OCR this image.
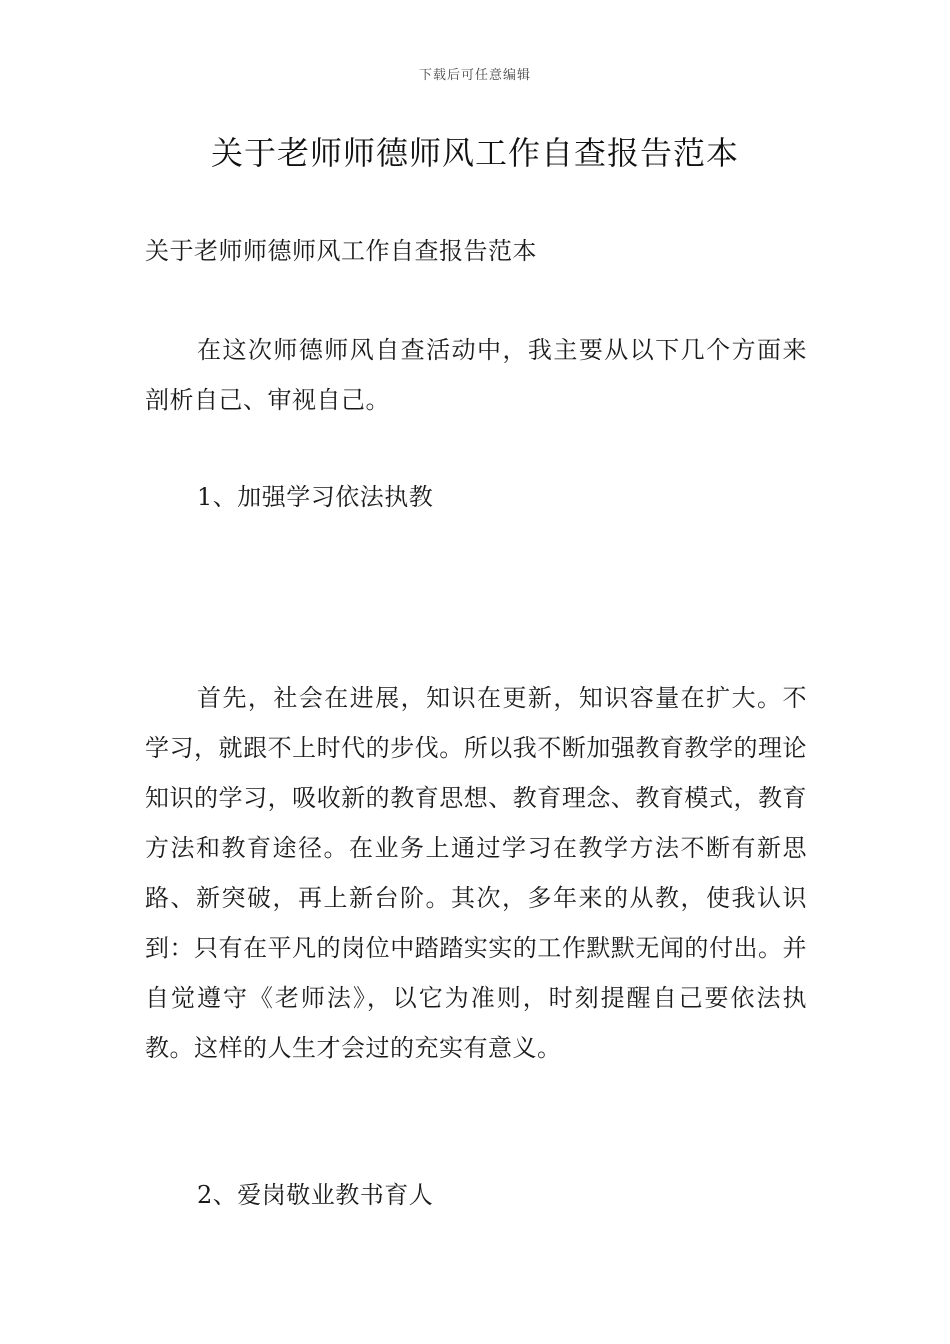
下载后可任意编辑
关于老师师德师风工作自查报告范本

关于老师师德师风工作自查报告范本

在这次师德师风自查活动中，我主要从以下几个方面来剖析自己、审视自己。

1、加强学习依法执教

首先，社会在进展，知识在更新，知识容量在扩大。不学习，就跟不上时代的步伐。所以我不断加强教育教学的理论知识的学习，吸收新的教育思想、教育理念、教育模式，教育方法和教育途径。在业务上通过学习在教学方法不断有新思路、新突破，再上新台阶。其次，多年来的从教，使我认识到：只有在平凡的岗位中踏踏实实的工作默默无闻的付出。并自觉遵守《老师法》，以它为准则，时刻提醒自己要依法执教。这样的人生才会过的充实有意义。

2、爱岗敬业教书育人
